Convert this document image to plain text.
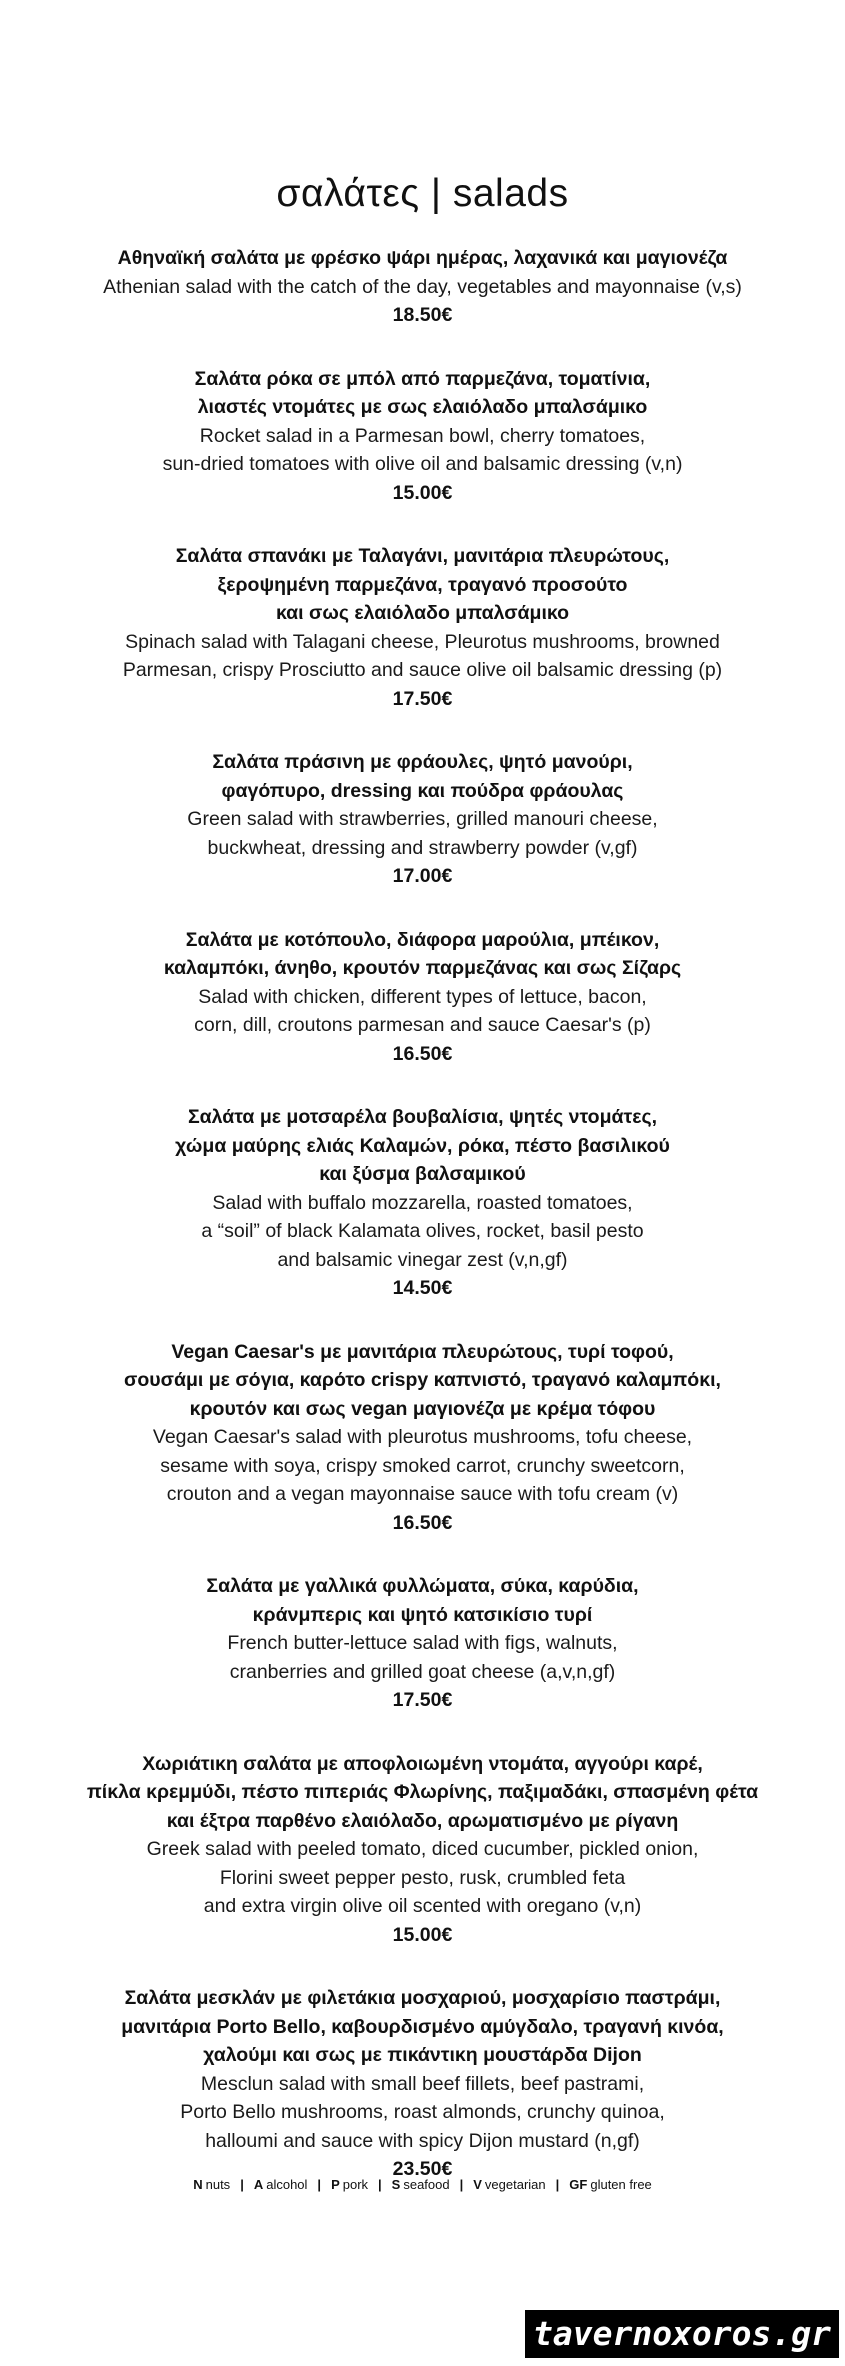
σαλάτες | salads
Αθηναϊκή σαλάτα με φρέσκο ψάρι ημέρας, λαχανικά και μαγιονέζα
Athenian salad with the catch of the day, vegetables and mayonnaise (v,s)
18.50€
Σαλάτα ρόκα σε μπόλ από παρμεζάνα, τοματίνια,
λιαστές ντομάτες με σως ελαιόλαδο μπαλσάμικο
Rocket salad in a Parmesan bowl, cherry tomatoes,
sun-dried tomatoes with olive oil and balsamic dressing (v,n)
15.00€
Σαλάτα σπανάκι με Ταλαγάνι, μανιτάρια πλευρώτους,
ξεροψημένη παρμεζάνα, τραγανό προσούτο
και σως ελαιόλαδο μπαλσάμικο
Spinach salad with Talagani cheese, Pleurotus mushrooms, browned
Parmesan, crispy Prosciutto and sauce olive oil balsamic dressing (p)
17.50€
Σαλάτα πράσινη με φράουλες, ψητό μανούρι,
φαγόπυρο, dressing και πούδρα φράουλας
Green salad with strawberries, grilled manouri cheese,
buckwheat, dressing and strawberry powder (v,gf)
17.00€
Σαλάτα με κοτόπουλο, διάφορα μαρούλια, μπέικον,
καλαμπόκι, άνηθο, κρουτόν παρμεζάνας και σως Σίζαρς
Salad with chicken, different types of lettuce, bacon,
corn, dill, croutons parmesan and sauce Caesar's (p)
16.50€
Σαλάτα με μοτσαρέλα βουβαλίσια, ψητές ντομάτες,
χώμα μαύρης ελιάς Καλαμών, ρόκα, πέστο βασιλικού
και ξύσμα βαλσαμικού
Salad with buffalo mozzarella, roasted tomatoes,
a “soil” of black Kalamata olives, rocket, basil pesto
and balsamic vinegar zest (v,n,gf)
14.50€
Vegan Caesar's με μανιτάρια πλευρώτους, τυρί τοφού,
σουσάμι με σόγια, καρότο crispy καπνιστό, τραγανό καλαμπόκι,
κρουτόν και σως vegan μαγιονέζα με κρέμα τόφου
Vegan Caesar's salad with pleurotus mushrooms, tofu cheese,
sesame with soya, crispy smoked carrot, crunchy sweetcorn,
crouton and a vegan mayonnaise sauce with tofu cream (v)
16.50€
Σαλάτα με γαλλικά φυλλώματα, σύκα, καρύδια,
κράνμπερις και ψητό κατσικίσιο τυρί
French butter-lettuce salad with figs, walnuts,
cranberries and grilled goat cheese (a,v,n,gf)
17.50€
Χωριάτικη σαλάτα με αποφλοιωμένη ντομάτα, αγγούρι καρέ,
πίκλα κρεμμύδι, πέστο πιπεριάς Φλωρίνης, παξιμαδάκι, σπασμένη φέτα
και έξτρα παρθένο ελαιόλαδο, αρωματισμένο με ρίγανη
Greek salad with peeled tomato, diced cucumber, pickled onion,
Florini sweet pepper pesto, rusk, crumbled feta
and extra virgin olive oil scented with oregano (v,n)
15.00€
Σαλάτα μεσκλάν με φιλετάκια μοσχαριού, μοσχαρίσιο παστράμι,
μανιτάρια Porto Bello, καβουρδισμένο αμύγδαλο, τραγανή κινόα,
χαλούμι και σως με πικάντικη μουστάρδα Dijon
Mesclun salad with small beef fillets, beef pastrami,
Porto Bello mushrooms, roast almonds, crunchy quinoa,
halloumi and sauce with spicy Dijon mustard (n,gf)
23.50€
N nuts | A alcohol | P pork | S seafood | V vegetarian | GF gluten free
tavernoxoros.gr
